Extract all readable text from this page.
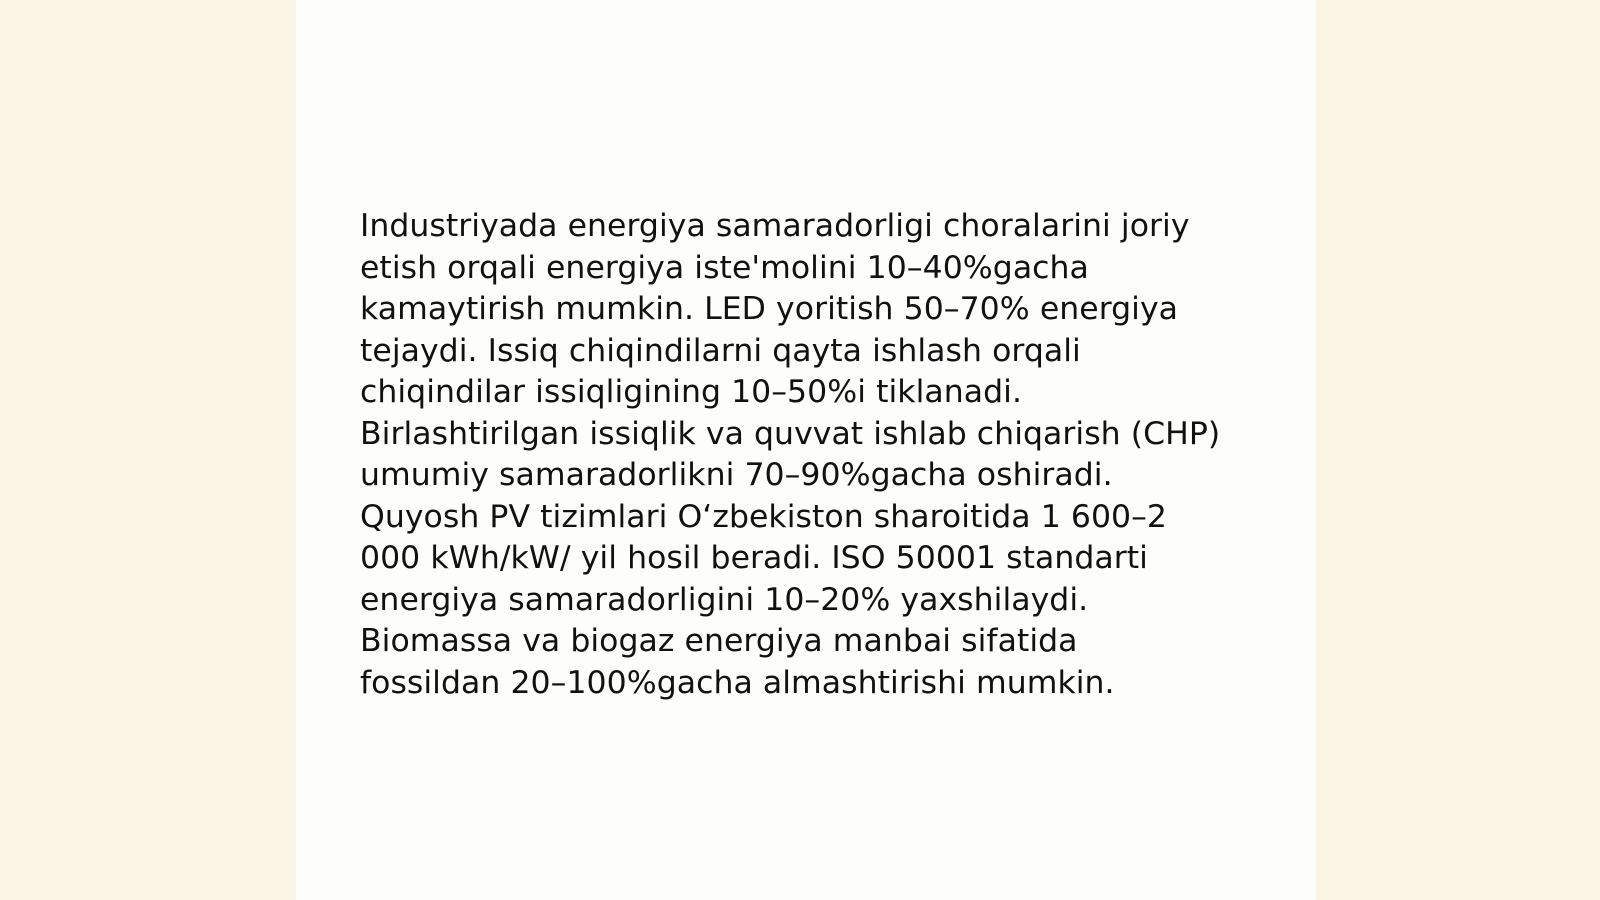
Industriyada energiya samaradorligi choralarini joriy
etish orqali energiya iste'molini 10–40%gacha
kamaytirish mumkin. LED yoritish 50–70% energiya
tejaydi. Issiq chiqindilarni qayta ishlash orqali
chiqindilar issiqligining 10–50%i tiklanadi.
Birlashtirilgan issiqlik va quvvat ishlab chiqarish (CHP)
umumiy samaradorlikni 70–90%gacha oshiradi.
Quyosh PV tizimlari O‘zbekiston sharoitida 1 600–2
000 kWh/kW/ yil hosil beradi. ISO 50001 standarti
energiya samaradorligini 10–20% yaxshilaydi.
Biomassa va biogaz energiya manbai sifatida
fossildan 20–100%gacha almashtirishi mumkin.
